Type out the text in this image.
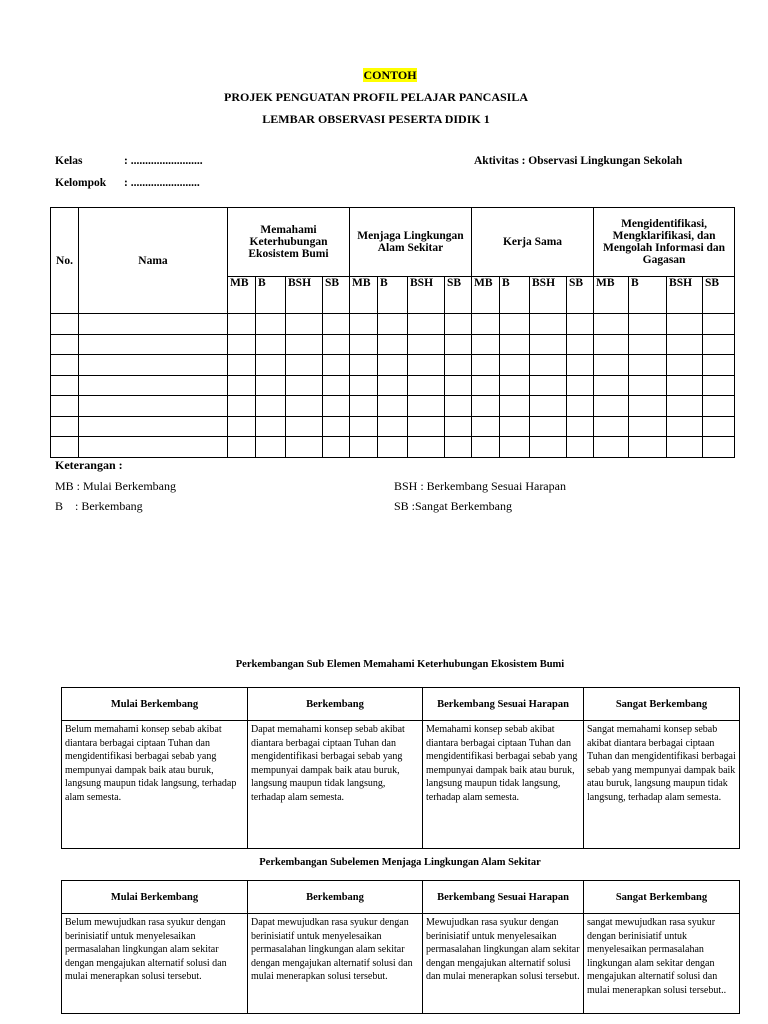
CONTOH
PROJEK PENGUATAN PROFIL PELAJAR PANCASILA
LEMBAR OBSERVASI PESERTA DIDIK 1
Kelas	: .........................
Kelompok : ........................
Aktivitas : Observasi Lingkungan Sekolah
No.	Nama	Memahami Keterhubungan Ekosistem Bumi				Menjaga Lingkungan Alam Sekitar				Kerja Sama				Mengidentifikasi, Mengklarifikasi, dan Mengolah Informasi dan Gagasan			
		MB	B	BSH	SB	MB	B	BSH	SB	MB	B	BSH	SB	MB	B	BSH	SB

Keterangan :
MB : Mulai Berkembang
B    : Berkembang
BSH : Berkembang Sesuai Harapan
SB :Sangat Berkembang
Perkembangan Sub Elemen Memahami Keterhubungan Ekosistem Bumi
Mulai Berkembang	Berkembang	Berkembang Sesuai Harapan	Sangat Berkembang
Belum memahami konsep sebab akibat diantara berbagai ciptaan Tuhan dan mengidentifikasi berbagai sebab yang mempunyai dampak baik atau buruk, langsung maupun tidak langsung, terhadap alam semesta.	Dapat memahami konsep sebab akibat diantara berbagai ciptaan Tuhan dan mengidentifikasi berbagai sebab yang mempunyai dampak baik atau buruk, langsung maupun tidak langsung, terhadap alam semesta.	Memahami konsep sebab akibat diantara berbagai ciptaan Tuhan dan mengidentifikasi berbagai sebab yang mempunyai dampak baik atau buruk, langsung maupun tidak langsung, terhadap alam semesta.	Sangat memahami konsep sebab akibat diantara berbagai ciptaan Tuhan dan mengidentifikasi berbagai sebab yang mempunyai dampak baik atau buruk, langsung maupun tidak langsung, terhadap alam semesta.
Perkembangan Subelemen Menjaga Lingkungan Alam Sekitar
Mulai Berkembang	Berkembang	Berkembang Sesuai Harapan	Sangat Berkembang
Belum mewujudkan rasa syukur dengan berinisiatif untuk menyelesaikan permasalahan lingkungan alam sekitar dengan mengajukan alternatif solusi dan mulai menerapkan solusi tersebut.	Dapat mewujudkan rasa syukur dengan berinisiatif untuk menyelesaikan permasalahan lingkungan alam sekitar dengan mengajukan alternatif solusi dan mulai menerapkan solusi tersebut.	Mewujudkan rasa syukur dengan berinisiatif untuk menyelesaikan permasalahan lingkungan alam sekitar dengan mengajukan alternatif solusi dan mulai menerapkan solusi tersebut.	sangat mewujudkan rasa syukur dengan berinisiatif untuk menyelesaikan permasalahan lingkungan alam sekitar dengan mengajukan alternatif solusi dan mulai menerapkan solusi tersebut..
